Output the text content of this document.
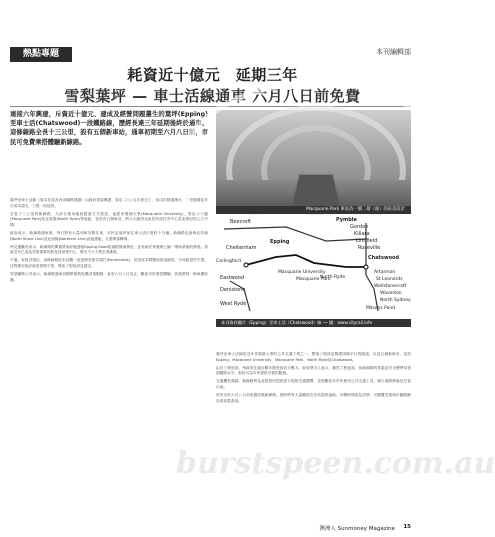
熱點專題	本刊編輯部
耗資近十億元　延期三年
雪梨葉坪 — 車士活線通車 六月八日前免費
連接六年興建，斥資近十億元、建成及經營問題叢生的葉坪(Epping)至車士活(Chatswood)一段鐵路線，歷經長達三年延期後終於通車。這條線路全長十三公里，設有五個新車站，通車初期至六月八日前，市民可免費乘搭體驗新線路。

葉坪至車士活線（原名北部及西部鐵路連線）由政府投資興建，原定二○○五年底完工，但由於隧道滲水、工程複雜及多次成本超支，工程一再延誤。

全長十三公里的新線路，大部分採用地底隧道方式建造，途經麥覺理大學(Macquarie University)、麥覺理公園(Macquarie Park)及北萊德(North Ryde)等地區，並設有五個車站，將大大縮短北區居民前往市中心及北悉尼的交通時間。

政府表示，新線路通車後，每日將有大量列車穿梭往來，市民由葉坪前往車士活只需約十分鐘。新線路也會與北岸線(North Shore Line)及北部線(Northern Line)直接連接，方便乘客轉乘。

州交通廳長表示，新線路的開通將會紓緩連接Epping Road的道路擠塞情況，並有助於麥覺理公園一帶商業區的發展。該區近年已成為雪梨重要的科技及商業中心，吸引不少大型企業進駐。

不過，有批評指出，這條線路原本計劃一直延伸至派拉瑪打(Parramatta)，但因成本問題而被迫縮短，令西區居民失望。反對黨亦批評政府管理不善，導致工程延誤及超支。

雪梨鐵路公司表示，新線路通車初期將提供免費試乘服務，直至六月八日為止，歡迎市民乘搭體驗。其後將按一般車費收費。

Macquarie Park 車站為一個二層（面）的站房設計
Pymble
Gordon
Killara
Lindfield
Roseville
Chatswood
Artarmon
St Leonards
Wollstonecraft
Waverton
North Sydney
Milsons Point
Beecroft
Epping
Cheltenham
Macquarie University
Macquarie Park
North Ryde
Eastwood
Denistone
West Ryde
Carlingford
本刊資料圖片（Epping）至車士活（Chatswood）線 ── 圖：www.cityrail.info

葉坪至車士活線是近年雪梨最大型的公共交通工程之一，整項工程涉及興建兩條平行的隧道，以及五個新車站，包括Epping、Macquarie University、Macquarie Park、North Ryde及Chatswood。

由於工程延誤，州政府在過去數年間受到各方壓力。政府發言人表示，雖然工程延誤，但新線路的質素及安全標準均達到國際水平，相信可為市民提供可靠的服務。

交通廳長強調，新線路將為北區居民提供更方便的交通選擇，並鼓勵更多市民使用公共交通工具，減少道路擠塞及空氣污染。

市民可於六月八日前免費試乘新線路，屆時將有大量職員在各站提供協助。有關時間表及詳情，可瀏覽雪梨城市鐵路網站或致電查詢。

burstspeen.com.au
澳洲人 Sunmoney Magazine 15
